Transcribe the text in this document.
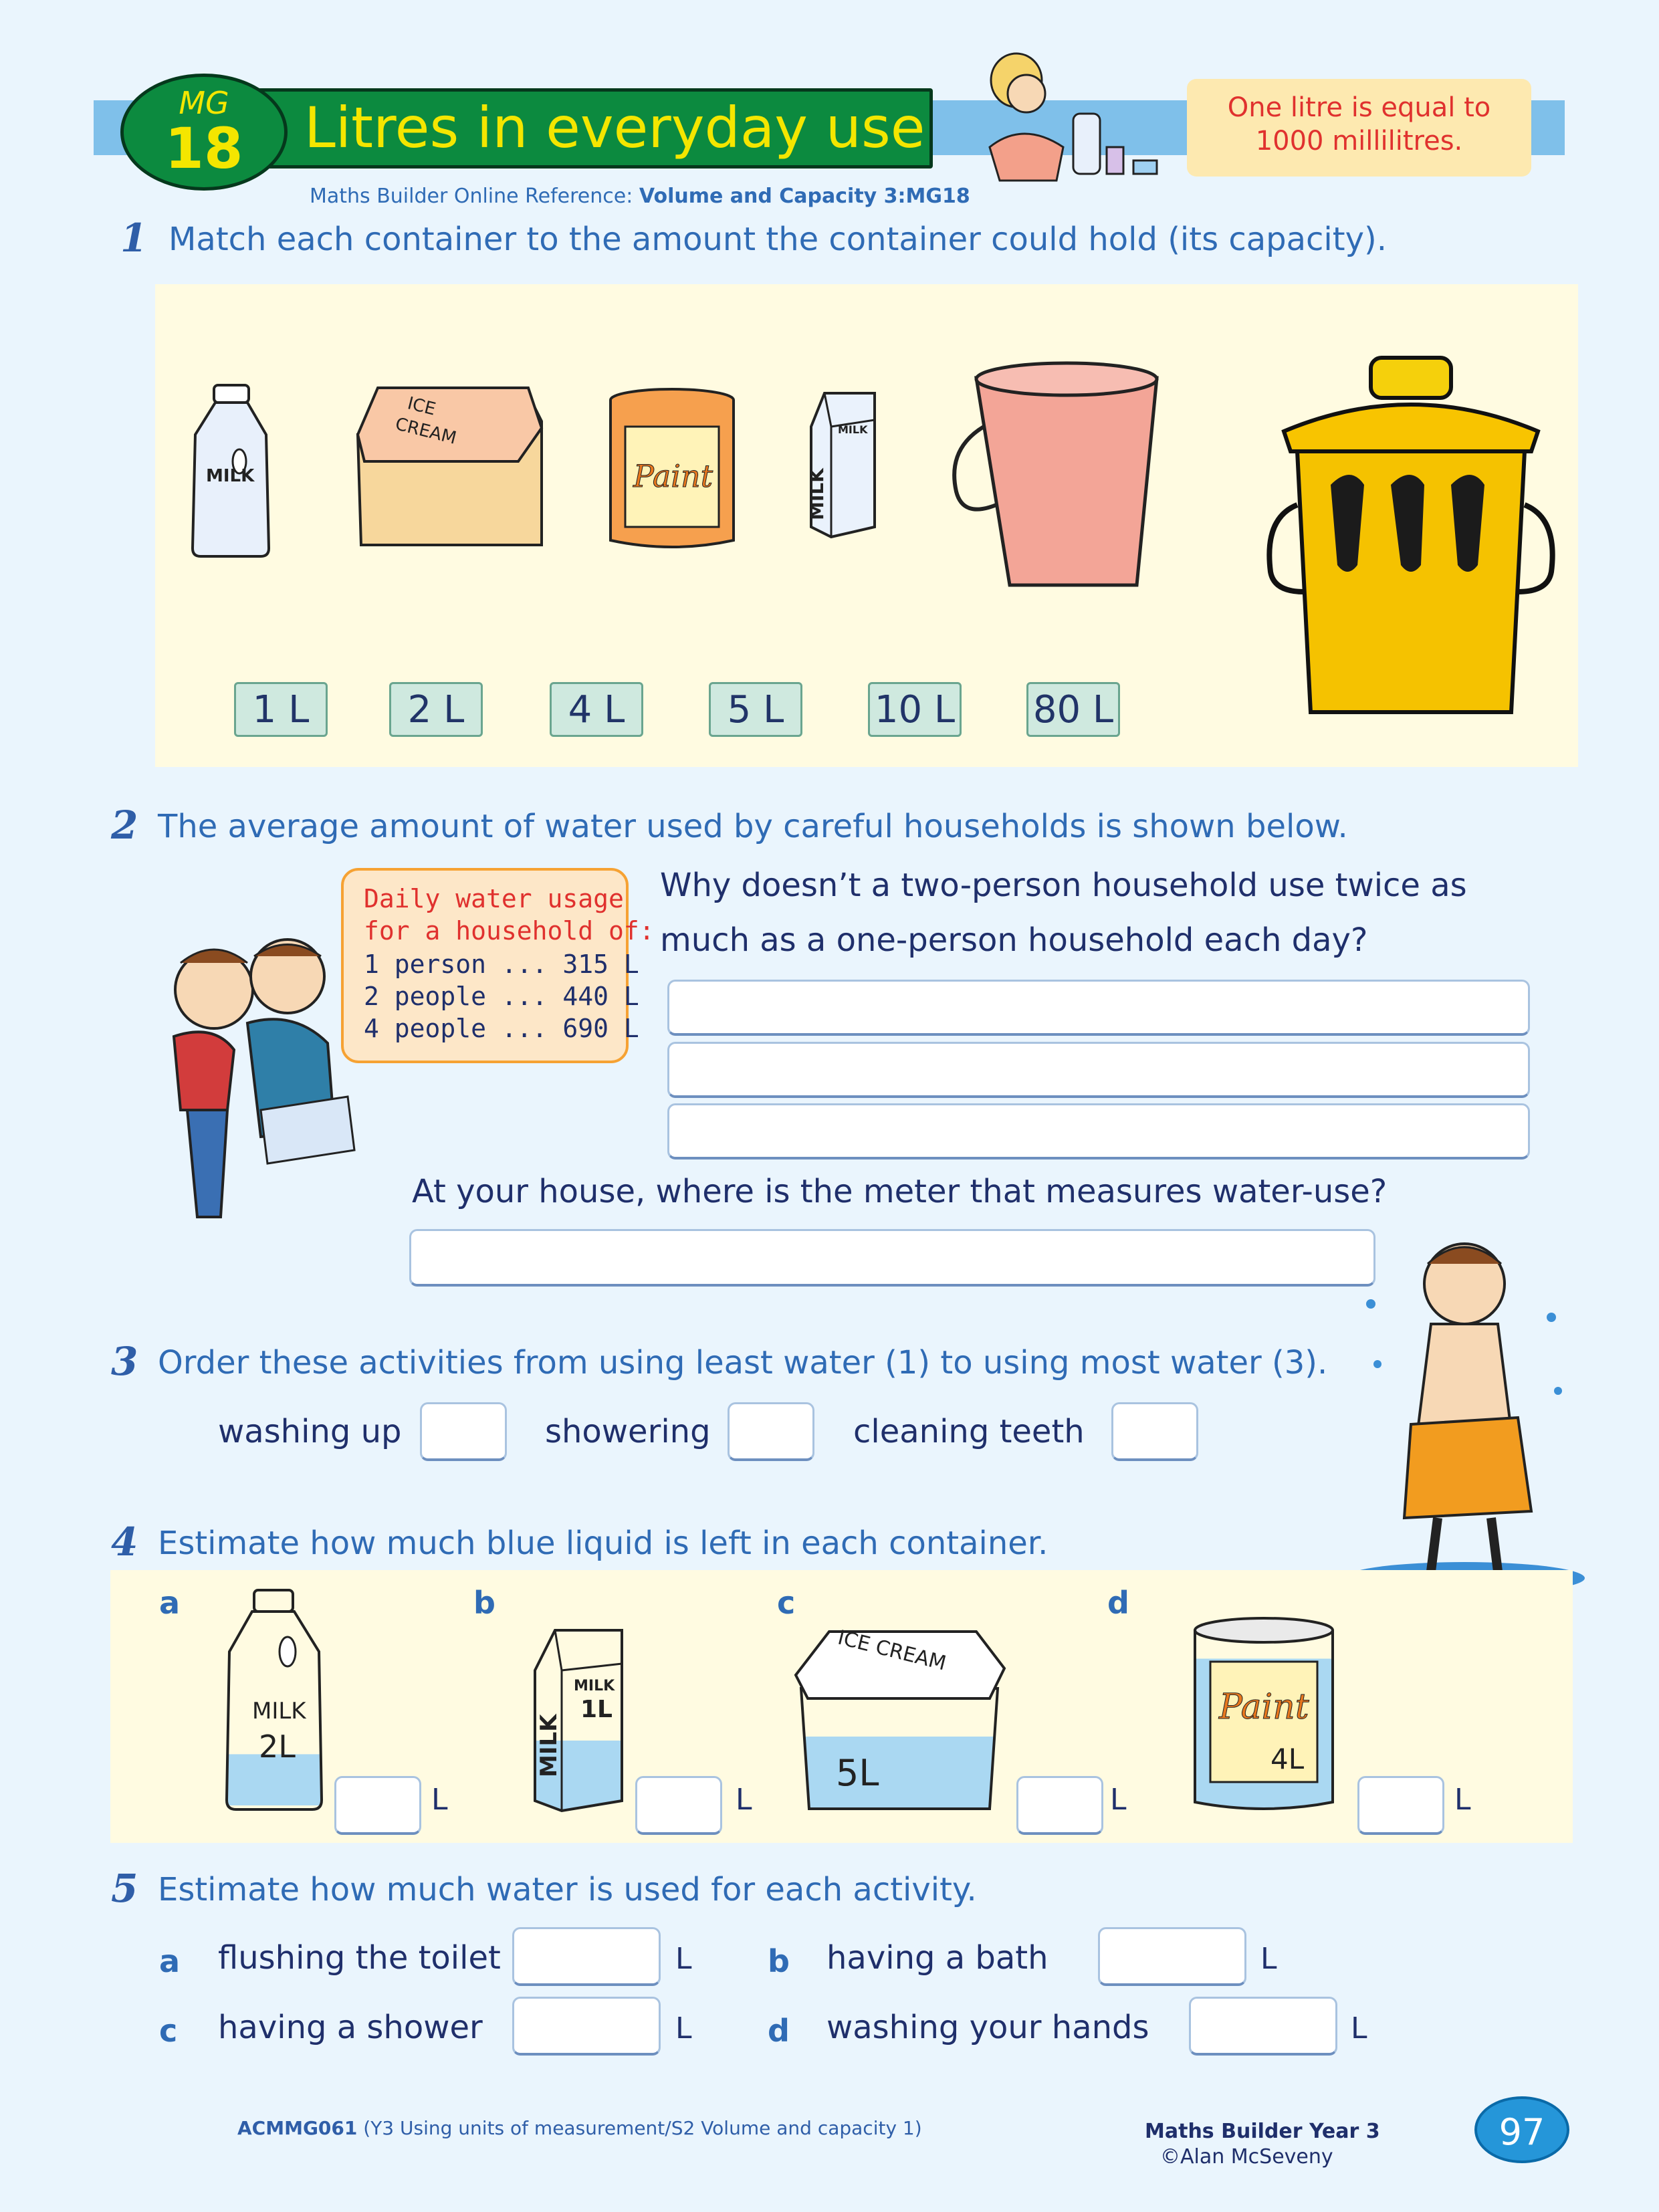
Litres in everyday use
MG
18
Maths Builder Online Reference: Volume and Capacity 3:MG18
One litre is equal to
1000 millilitres.
1 Match each container to the amount the container could hold (its capacity).
MILK
ICE
CREAM
Paint	MILK
MILK
1 L	2 L	4 L	5 L	10 L 80 L
2 The average amount of water used by careful households is shown below.
Daily water usage
for a household of:
1 person ... 315 L
2 people ... 440 L
4 people ... 690 L
Why doesn’t a two-person household use twice as
much as a one-person household each day?
At your house, where is the meter that measures water-use?
3 Order these activities from using least water (1) to using most water (3).
washing up	showering	cleaning teeth
4 Estimate how much blue liquid is left in each container.
a	b	c	d
MILK
2L
L
MILK
MILK
1L
L
ICE CREAM
5L
L
Paint
4L
L
5 Estimate how much water is used for each activity.
a flushing the toilet	L b having a bath	L
c having a shower	L d washing your hands	L
ACMMG061 (Y3 Using units of measurement/S2 Volume and capacity 1)	Maths Builder Year 3
©Alan McSeveny
97
